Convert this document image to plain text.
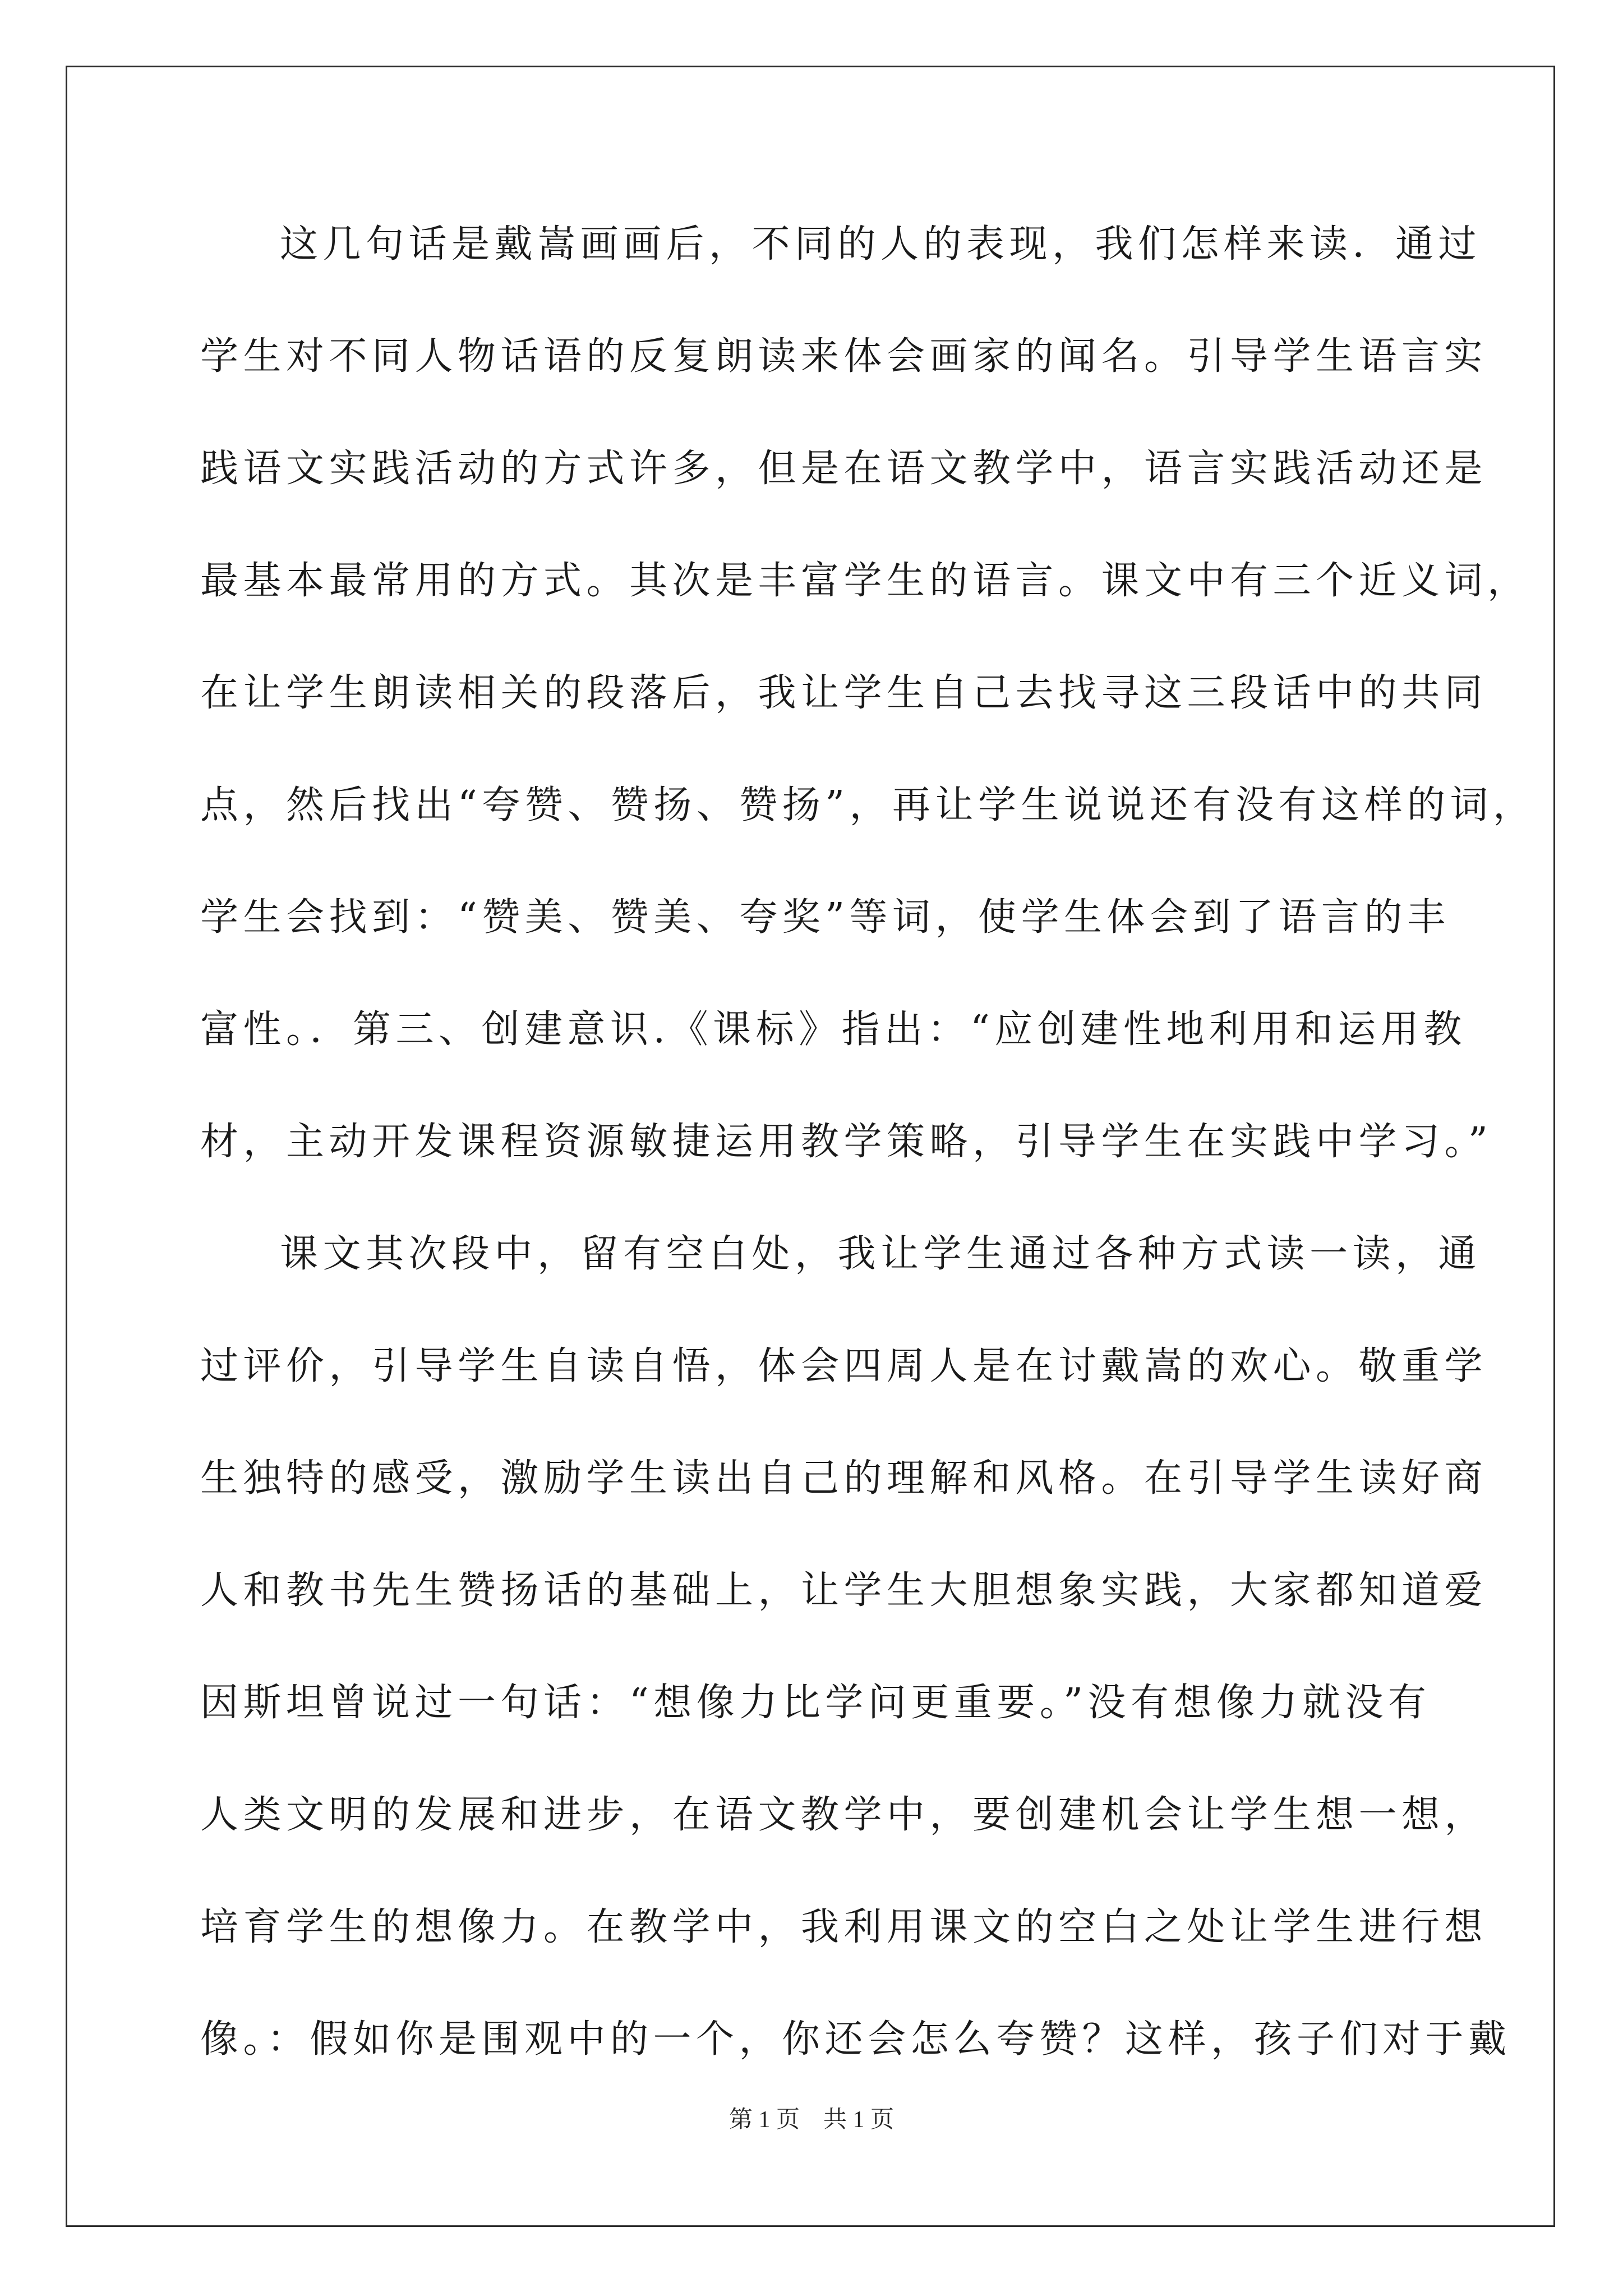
这几句话是戴嵩画画后，不同的人的表现，我们怎样来读．通过
学生对不同人物话语的反复朗读来体会画家的闻名。引导学生语言实
践语文实践活动的方式许多，但是在语文教学中，语言实践活动还是
最基本最常用的方式。其次是丰富学生的语言。课文中有三个近义词，
在让学生朗读相关的段落后，我让学生自己去找寻这三段话中的共同
点，然后找出“夸赞、赞扬、赞扬”，再让学生说说还有没有这样的词，
学生会找到：“赞美、赞美、夸奖”等词，使学生体会到了语言的丰
富性。．第三、创建意识.《课标》指出：“应创建性地利用和运用教
材，主动开发课程资源敏捷运用教学策略，引导学生在实践中学习。”
课文其次段中，留有空白处，我让学生通过各种方式读一读，通
过评价，引导学生自读自悟，体会四周人是在讨戴嵩的欢心。敬重学
生独特的感受，激励学生读出自己的理解和风格。在引导学生读好商
人和教书先生赞扬话的基础上，让学生大胆想象实践，大家都知道爱
因斯坦曾说过一句话：“想像力比学问更重要。”没有想像力就没有
人类文明的发展和进步，在语文教学中，要创建机会让学生想一想，
培育学生的想像力。在教学中，我利用课文的空白之处让学生进行想
像。：假如你是围观中的一个，你还会怎么夸赞？这样，孩子们对于戴
第 1 页　共 1 页
